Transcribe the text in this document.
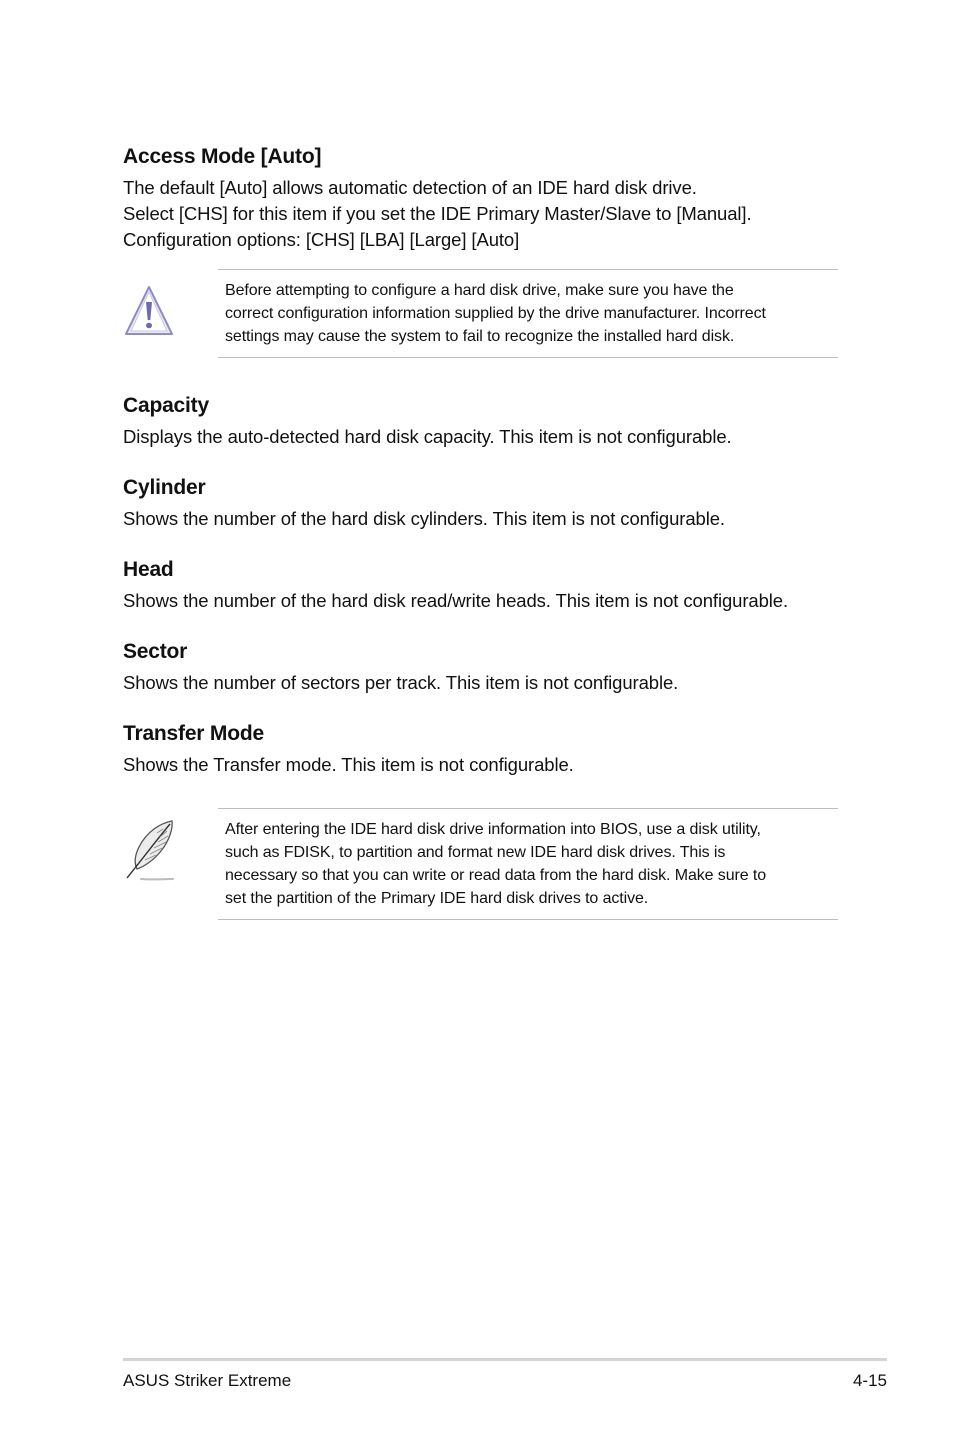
Access Mode [Auto]

The default [Auto] allows automatic detection of an IDE hard disk drive.
Select [CHS] for this item if you set the IDE Primary Master/Slave to [Manual].
Configuration options: [CHS] [LBA] [Large] [Auto]

Before attempting to configure a hard disk drive, make sure you have the
correct configuration information supplied by the drive manufacturer. Incorrect
settings may cause the system to fail to recognize the installed hard disk.
Capacity

Displays the auto-detected hard disk capacity. This item is not configurable.

Cylinder

Shows the number of the hard disk cylinders. This item is not configurable.

Head

Shows the number of the hard disk read/write heads. This item is not configurable.

Sector

Shows the number of sectors per track. This item is not configurable.

Transfer Mode

Shows the Transfer mode. This item is not configurable.

After entering the IDE hard disk drive information into BIOS, use a disk utility,
such as FDISK, to partition and format new IDE hard disk drives. This is
necessary so that you can write or read data from the hard disk. Make sure to
set the partition of the Primary IDE hard disk drives to active.
ASUS Striker Extreme	4-15
